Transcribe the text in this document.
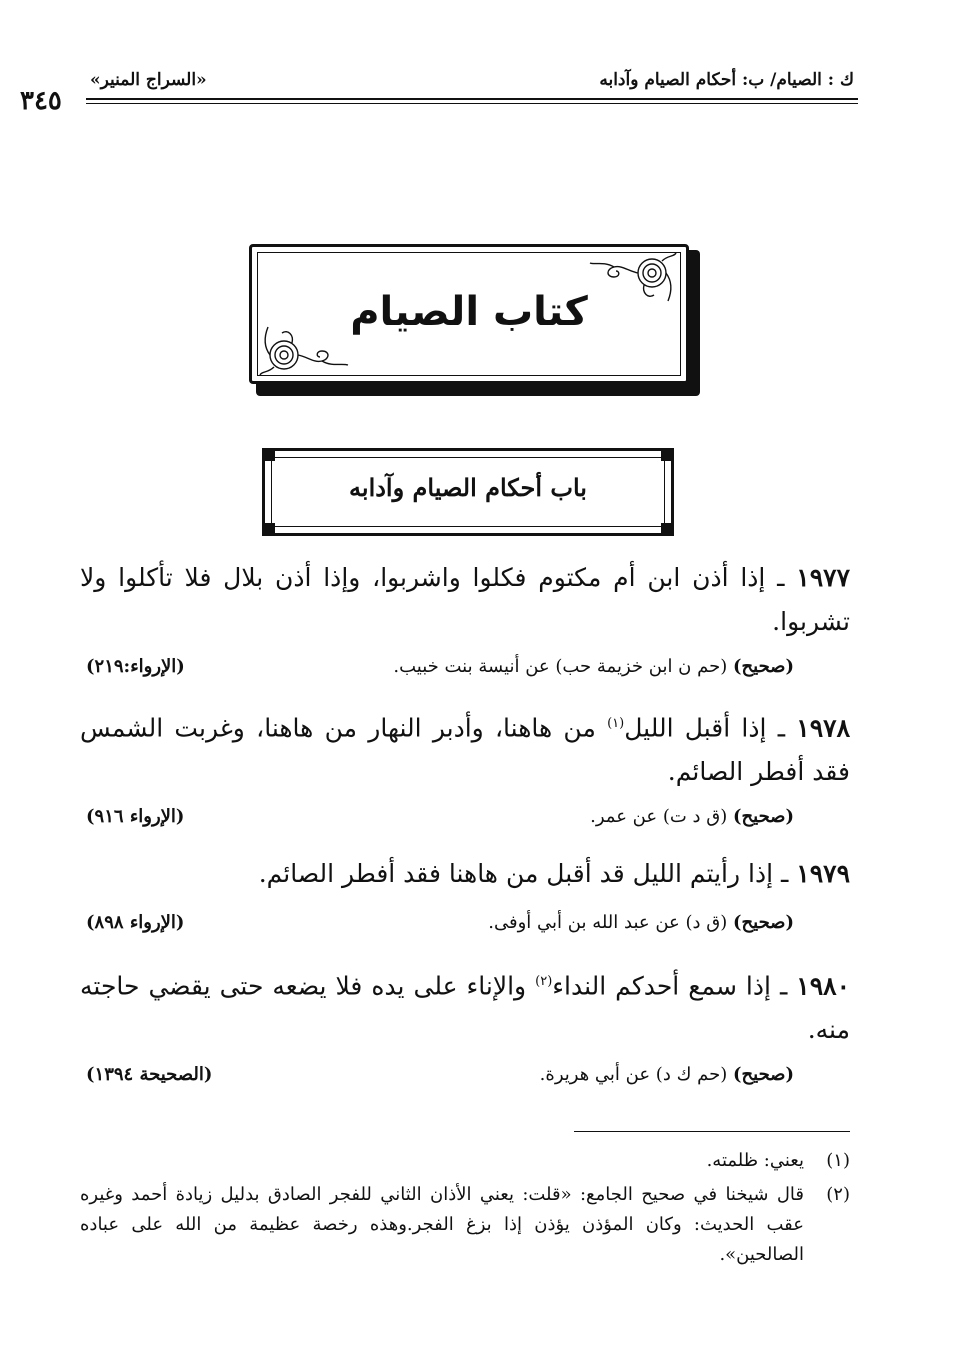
ك : الصيام/ ب: أحكام الصيام وآدابه
«السراج المنير»
٣٤٥
كتاب الصيام
باب أحكام الصيام وآدابه
١٩٧٧ ـ إذا أذن ابن أم مكتوم فكلوا واشربوا، وإذا أذن بلال فلا تأكلوا ولا تشربوا.
(صحيح) (حم ن ابن خزيمة حب) عن أنيسة بنت خبيب.
(الإرواء:٢١٩)
١٩٧٨ ـ إذا أقبل الليل$^{(١)}$ من هاهنا، وأدبر النهار من هاهنا، وغربت الشمس فقد أفطر الصائم.
(صحيح) (ق د ت) عن عمر.
(الإرواء ٩١٦)
١٩٧٩ ـ إذا رأيتم الليل قد أقبل من هاهنا فقد أفطر الصائم.
(صحيح) (ق د) عن عبد الله بن أبي أوفى.
(الإرواء ٨٩٨)
١٩٨٠ ـ إذا سمع أحدكم النداء$^{(٢)}$ والإناء على يده فلا يضعه حتى يقضي حاجته منه.
(صحيح) (حم ك د) عن أبي هريرة.
(الصحيحة ١٣٩٤)
(١)
يعني: ظلمته.
(٢)
قال شيخنا في صحيح الجامع: «قلت: يعني الأذان الثاني للفجر الصادق بدليل زيادة أحمد وغيره عقب الحديث: وكان المؤذن يؤذن إذا بزغ الفجر.وهذه رخصة عظيمة من الله على عباده الصالحين».
